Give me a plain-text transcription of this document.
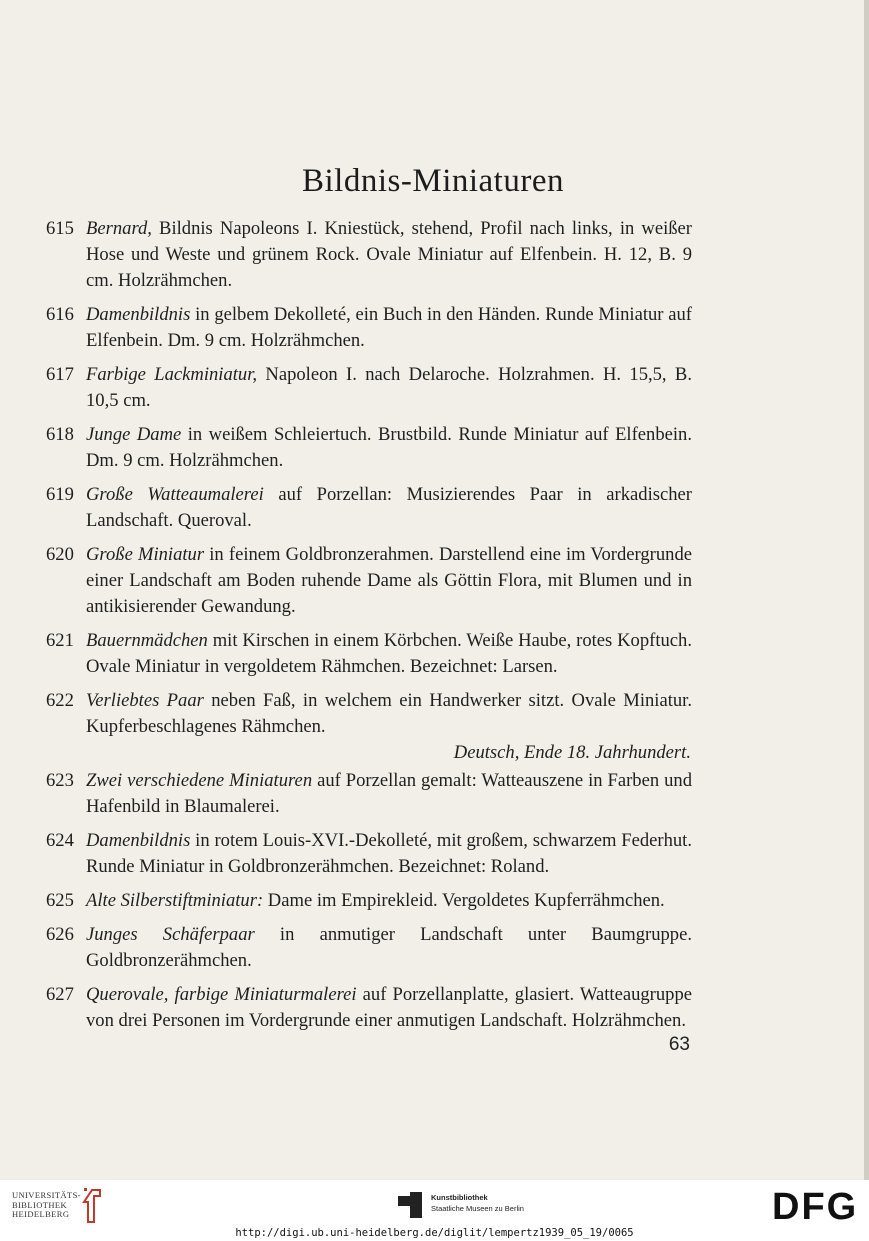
Bildnis-Miniaturen
615 Bernard, Bildnis Napoleons I. Kniestück, stehend, Profil nach links, in weißer Hose und Weste und grünem Rock. Ovale Miniatur auf Elfenbein. H. 12, B. 9 cm. Holzrähmchen.
616 Damenbildnis in gelbem Dekolleté, ein Buch in den Händen. Runde Miniatur auf Elfenbein. Dm. 9 cm. Holzrähmchen.
617 Farbige Lackminiatur, Napoleon I. nach Delaroche. Holzrahmen. H. 15,5, B. 10,5 cm.
618 Junge Dame in weißem Schleiertuch. Brustbild. Runde Miniatur auf Elfenbein. Dm. 9 cm. Holzrähmchen.
619 Große Watteaumalerei auf Porzellan: Musizierendes Paar in arkadischer Landschaft. Queroval.
620 Große Miniatur in feinem Goldbronzerahmen. Darstellend eine im Vordergrunde einer Landschaft am Boden ruhende Dame als Göttin Flora, mit Blumen und in antikisierender Gewandung.
621 Bauernmädchen mit Kirschen in einem Körbchen. Weiße Haube, rotes Kopftuch. Ovale Miniatur in vergoldetem Rähmchen. Bezeichnet: Larsen.
622 Verliebtes Paar neben Faß, in welchem ein Handwerker sitzt. Ovale Miniatur. Kupferbeschlagenes Rähmchen.
Deutsch, Ende 18. Jahrhundert.
623 Zwei verschiedene Miniaturen auf Porzellan gemalt: Watteauszene in Farben und Hafenbild in Blaumalerei.
624 Damenbildnis in rotem Louis-XVI.-Dekolleté, mit großem, schwarzem Federhut. Runde Miniatur in Goldbronzerähmchen. Bezeichnet: Roland.
625 Alte Silberstiftminiatur: Dame im Empirekleid. Vergoldetes Kupferrähmchen.
626 Junges Schäferpaar in anmutiger Landschaft unter Baumgruppe. Goldbronzerähmchen.
627 Querovale, farbige Miniaturmalerei auf Porzellanplatte, glasiert. Watteaugruppe von drei Personen im Vordergrunde einer anmutigen Landschaft. Holzrähmchen.
63
UNIVERSITÄTS-
BIBLIOTHEK
HEIDELBERG
Kunstbibliothek
Staatliche Museen zu Berlin	DFG
http://digi.ub.uni-heidelberg.de/diglit/lempertz1939_05_19/0065
